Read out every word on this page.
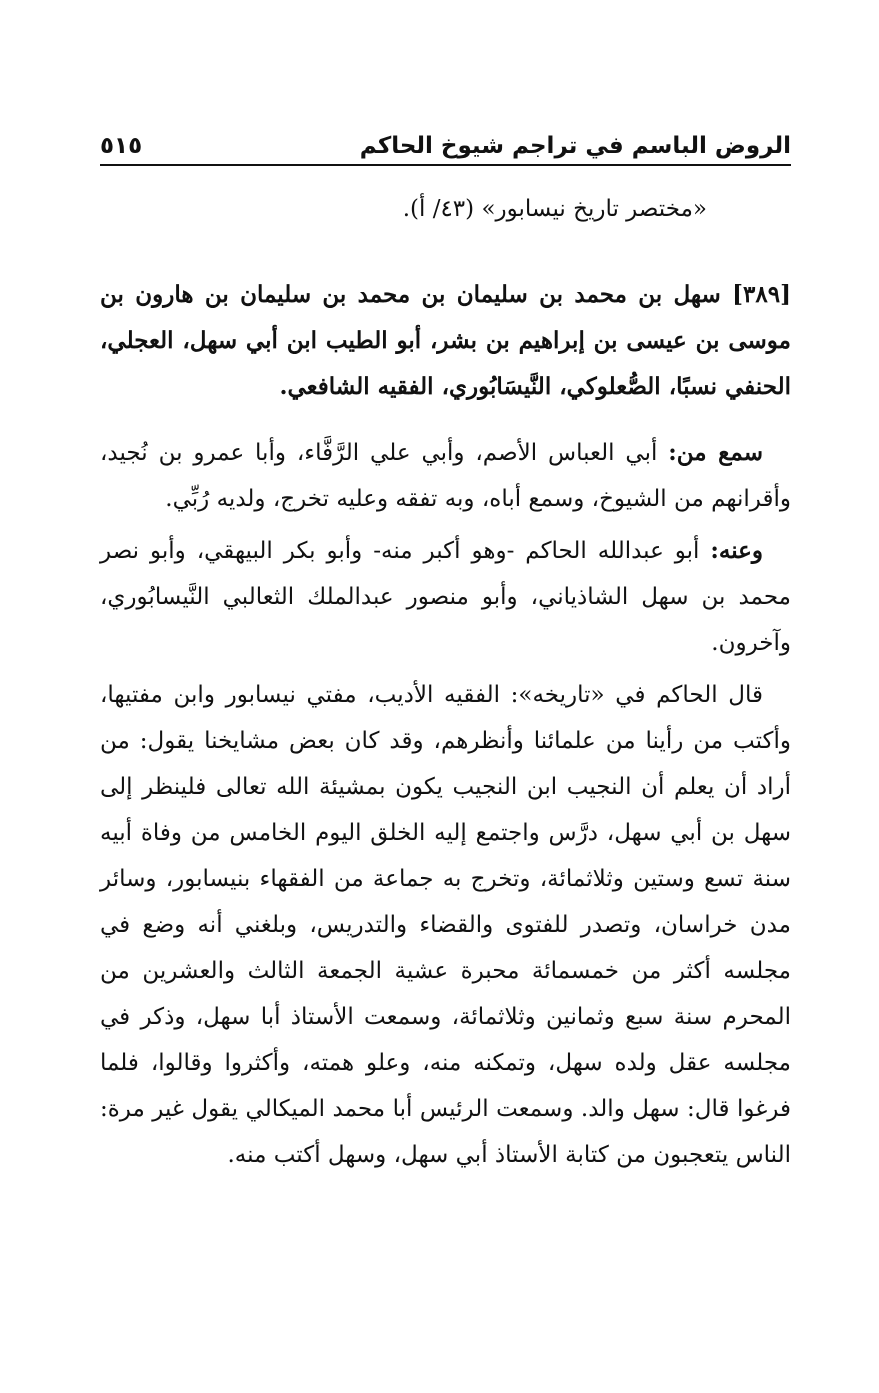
الروض الباسم في تراجم شيوخ الحاكم
٥١٥

«مختصر تاريخ نيسابور» (٤٣/ أ).

[٣٨٩] سهل بن محمد بن سليمان بن محمد بن سليمان بن هارون بن موسى بن عيسى بن إبراهيم بن بشر، أبو الطيب ابن أبي سهل، العجلي، الحنفي نسبًا، الصُّعلوكي، النَّيسَابُوري، الفقيه الشافعي.

سمع من: أبي العباس الأصم، وأبي علي الرَّفَّاء، وأبا عمرو بن نُجيد، وأقرانهم من الشيوخ، وسمع أباه، وبه تفقه وعليه تخرج، ولديه رُبِّي.

وعنه: أبو عبدالله الحاكم -وهو أكبر منه- وأبو بكر البيهقي، وأبو نصر محمد بن سهل الشاذياني، وأبو منصور عبدالملك الثعالبي النَّيسابُوري، وآخرون.

قال الحاكم في «تاريخه»: الفقيه الأديب، مفتي نيسابور وابن مفتيها، وأكتب من رأينا من علمائنا وأنظرهم، وقد كان بعض مشايخنا يقول: من أراد أن يعلم أن النجيب ابن النجيب يكون بمشيئة الله تعالى فلينظر إلى سهل بن أبي سهل، درَّس واجتمع إليه الخلق اليوم الخامس من وفاة أبيه سنة تسع وستين وثلاثمائة، وتخرج به جماعة من الفقهاء بنيسابور، وسائر مدن خراسان، وتصدر للفتوى والقضاء والتدريس، وبلغني أنه وضع في مجلسه أكثر من خمسمائة محبرة عشية الجمعة الثالث والعشرين من المحرم سنة سبع وثمانين وثلاثمائة، وسمعت الأستاذ أبا سهل، وذكر في مجلسه عقل ولده سهل، وتمكنه منه، وعلو همته، وأكثروا وقالوا، فلما فرغوا قال: سهل والد. وسمعت الرئيس أبا محمد الميكالي يقول غير مرة: الناس يتعجبون من كتابة الأستاذ أبي سهل، وسهل أكتب منه.
